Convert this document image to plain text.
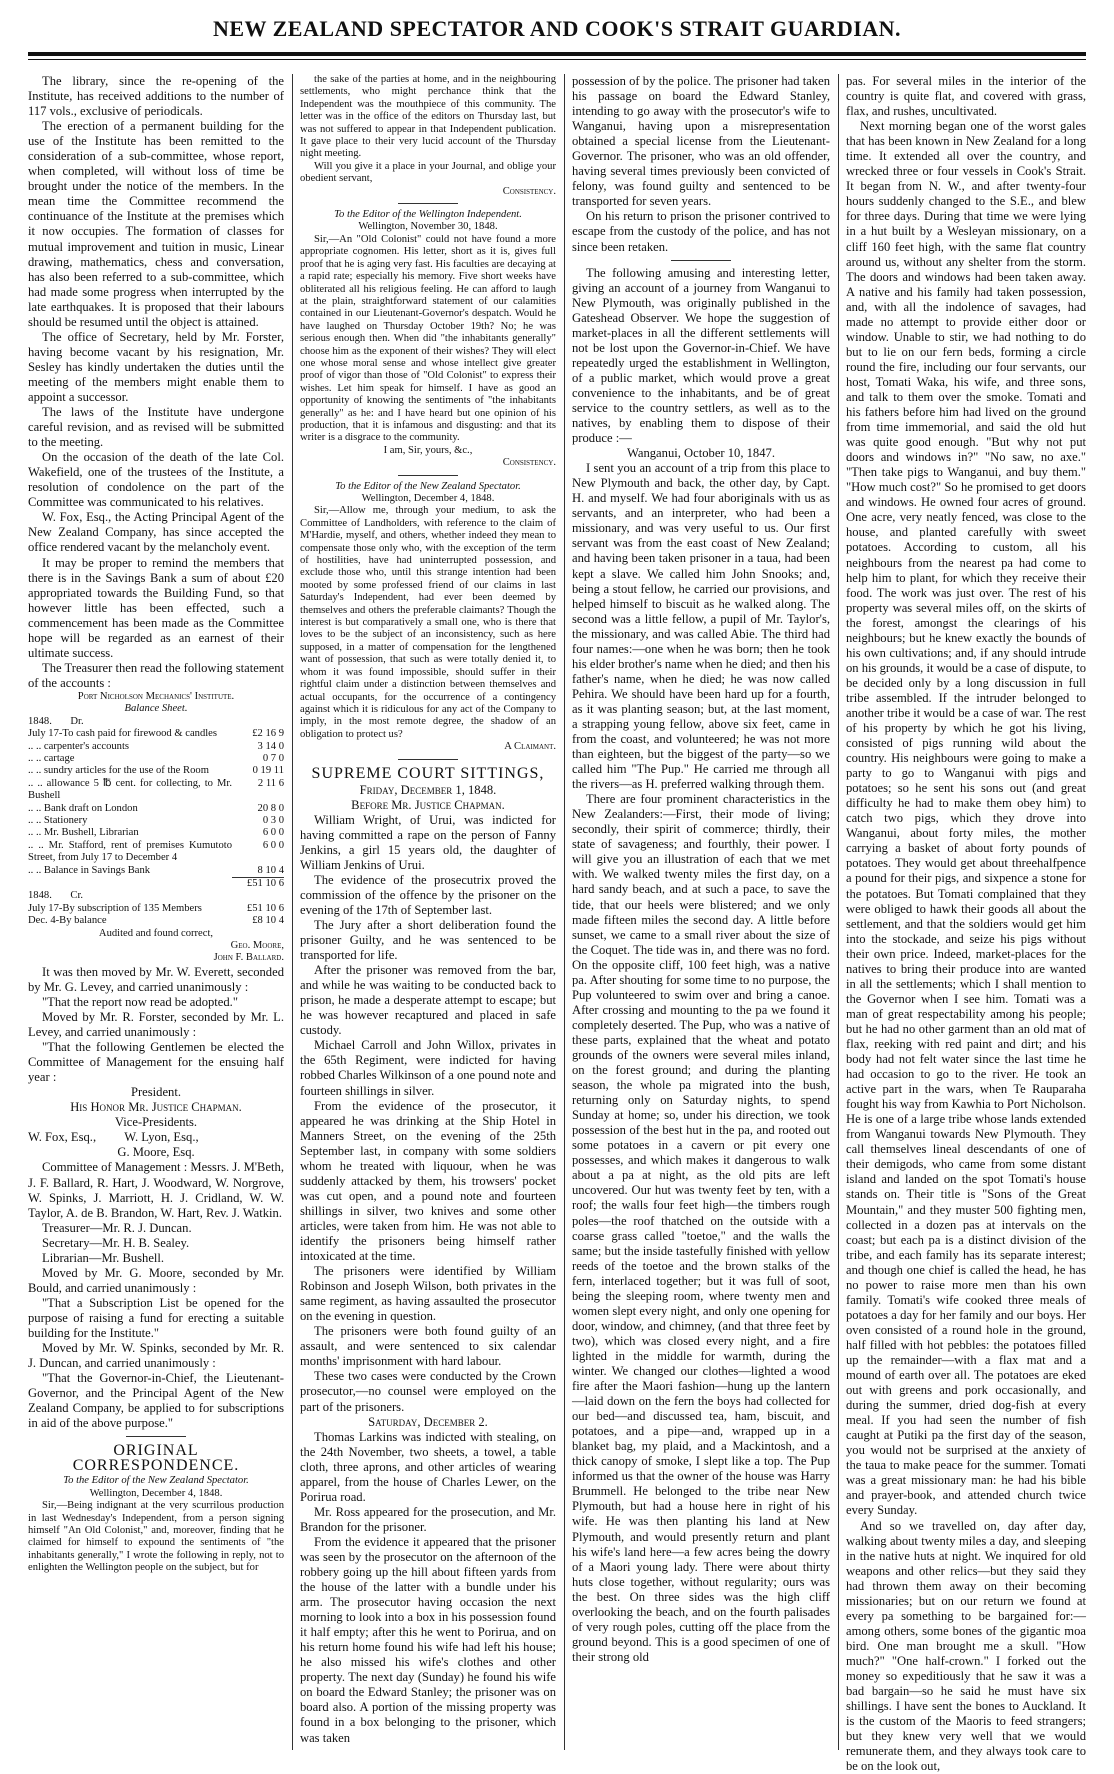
NEW ZEALAND SPECTATOR AND COOK'S STRAIT GUARDIAN.

The library, since the re-opening of the Institute, has received additions to the number of 117 vols., exclusive of periodicals.

The erection of a permanent building for the use of the Institute has been remitted to the consideration of a sub-committee, whose report, when completed, will without loss of time be brought under the notice of the members. In the mean time the Committee recommend the continuance of the Institute at the premises which it now occupies. The formation of classes for mutual improvement and tuition in music, Linear drawing, mathematics, chess and conversation, has also been referred to a sub-committee, which had made some progress when interrupted by the late earthquakes. It is proposed that their labours should be resumed until the object is attained.

The office of Secretary, held by Mr. Forster, having become vacant by his resignation, Mr. Sesley has kindly undertaken the duties until the meeting of the members might enable them to appoint a successor.

The laws of the Institute have undergone careful revision, and as revised will be submitted to the meeting.

On the occasion of the death of the late Col. Wakefield, one of the trustees of the Institute, a resolution of condolence on the part of the Committee was communicated to his relatives.

W. Fox, Esq., the Acting Principal Agent of the New Zealand Company, has since accepted the office rendered vacant by the melancholy event.

It may be proper to remind the members that there is in the Savings Bank a sum of about £20 appropriated towards the Building Fund, so that however little has been effected, such a commencement has been made as the Committee hope will be regarded as an earnest of their ultimate success.

The Treasurer then read the following statement of the accounts :

Port Nicholson Mechanics' Institute.

Balance Sheet.

1848. Dr.	
July 17-To cash paid for firewood & candles	£2 16 9
.. .. carpenter's accounts	3 14 0
.. .. cartage	0 7 0
.. .. sundry articles for the use of the Room	0 19 11
.. .. allowance 5 ℔ cent. for collecting, to Mr. Bushell	2 11 6
.. .. Bank draft on London	20 8 0
.. .. Stationery	0 3 0
.. .. Mr. Bushell, Librarian	6 0 0
.. .. Mr. Stafford, rent of premises Kumutoto Street, from July 17 to December 4	6 0 0
.. .. Balance in Savings Bank	8 10 4
	£51 10 6
1848. Cr.	
July 17-By subscription of 135 Members	£51 10 6
Dec. 4-By balance	£8 10 4

Audited and found correct,

Geo. Moore,

John F. Ballard.

It was then moved by Mr. W. Everett, seconded by Mr. G. Levey, and carried unanimously :

"That the report now read be adopted."

Moved by Mr. R. Forster, seconded by Mr. L. Levey, and carried unanimously :

"That the following Gentlemen be elected the Committee of Management for the ensuing half year :

President.

His Honor Mr. Justice Chapman.

Vice-Presidents.

W. Fox, Esq., W. Lyon, Esq.,

G. Moore, Esq.

Committee of Management : Messrs. J. M'Beth, J. F. Ballard, R. Hart, J. Woodward, W. Norgrove, W. Spinks, J. Marriott, H. J. Cridland, W. W. Taylor, A. de B. Brandon, W. Hart, Rev. J. Watkin.

Treasurer—Mr. R. J. Duncan.

Secretary—Mr. H. B. Sealey.

Librarian—Mr. Bushell.

Moved by Mr. G. Moore, seconded by Mr. Bould, and carried unanimously :

"That a Subscription List be opened for the purpose of raising a fund for erecting a suitable building for the Institute."

Moved by Mr. W. Spinks, seconded by Mr. R. J. Duncan, and carried unanimously :

"That the Governor-in-Chief, the Lieutenant-Governor, and the Principal Agent of the New Zealand Company, be applied to for subscriptions in aid of the above purpose."

ORIGINAL CORRESPONDENCE.

To the Editor of the New Zealand Spectator.

Wellington, December 4, 1848.

Sir,—Being indignant at the very scurrilous production in last Wednesday's Independent, from a person signing himself "An Old Colonist," and, moreover, finding that he claimed for himself to expound the sentiments of "the inhabitants generally," I wrote the following in reply, not to enlighten the Wellington people on the subject, but for

the sake of the parties at home, and in the neighbouring settlements, who might perchance think that the Independent was the mouthpiece of this community. The letter was in the office of the editors on Thursday last, but was not suffered to appear in that Independent publication. It gave place to their very lucid account of the Thursday night meeting.

Will you give it a place in your Journal, and oblige your obedient servant,

Consistency.

To the Editor of the Wellington Independent.

Wellington, November 30, 1848.

Sir,—An "Old Colonist" could not have found a more appropriate cognomen. His letter, short as it is, gives full proof that he is aging very fast. His faculties are decaying at a rapid rate; especially his memory. Five short weeks have obliterated all his religious feeling. He can afford to laugh at the plain, straightforward statement of our calamities contained in our Lieutenant-Governor's despatch. Would he have laughed on Thursday October 19th? No; he was serious enough then. When did "the inhabitants generally" choose him as the exponent of their wishes? They will elect one whose moral sense and whose intellect give greater proof of vigor than those of "Old Colonist" to express their wishes. Let him speak for himself. I have as good an opportunity of knowing the sentiments of "the inhabitants generally" as he: and I have heard but one opinion of his production, that it is infamous and disgusting: and that its writer is a disgrace to the community.

I am, Sir, yours, &c.,

Consistency.

To the Editor of the New Zealand Spectator.

Wellington, December 4, 1848.

Sir,—Allow me, through your medium, to ask the Committee of Landholders, with reference to the claim of M'Hardie, myself, and others, whether indeed they mean to compensate those only who, with the exception of the term of hostilities, have had uninterrupted possession, and exclude those who, until this strange intention had been mooted by some professed friend of our claims in last Saturday's Independent, had ever been deemed by themselves and others the preferable claimants? Though the interest is but comparatively a small one, who is there that loves to be the subject of an inconsistency, such as here supposed, in a matter of compensation for the lengthened want of possession, that such as were totally denied it, to whom it was found impossible, should suffer in their rightful claim under a distinction between themselves and actual occupants, for the occurrence of a contingency against which it is ridiculous for any act of the Company to imply, in the most remote degree, the shadow of an obligation to protect us?

A Claimant.

SUPREME COURT SITTINGS,

Friday, December 1, 1848.

Before Mr. Justice Chapman.

William Wright, of Urui, was indicted for having committed a rape on the person of Fanny Jenkins, a girl 15 years old, the daughter of William Jenkins of Urui.

The evidence of the prosecutrix proved the commission of the offence by the prisoner on the evening of the 17th of September last.

The Jury after a short deliberation found the prisoner Guilty, and he was sentenced to be transported for life.

After the prisoner was removed from the bar, and while he was waiting to be conducted back to prison, he made a desperate attempt to escape; but he was however recaptured and placed in safe custody.

Michael Carroll and John Willox, privates in the 65th Regiment, were indicted for having robbed Charles Wilkinson of a one pound note and fourteen shillings in silver.

From the evidence of the prosecutor, it appeared he was drinking at the Ship Hotel in Manners Street, on the evening of the 25th September last, in company with some soldiers whom he treated with liquour, when he was suddenly attacked by them, his trowsers' pocket was cut open, and a pound note and fourteen shillings in silver, two knives and some other articles, were taken from him. He was not able to identify the prisoners being himself rather intoxicated at the time.

The prisoners were identified by William Robinson and Joseph Wilson, both privates in the same regiment, as having assaulted the prosecutor on the evening in question.

The prisoners were both found guilty of an assault, and were sentenced to six calendar months' imprisonment with hard labour.

These two cases were conducted by the Crown prosecutor,—no counsel were employed on the part of the prisoners.

Saturday, December 2.

Thomas Larkins was indicted with stealing, on the 24th November, two sheets, a towel, a table cloth, three aprons, and other articles of wearing apparel, from the house of Charles Lewer, on the Porirua road.

Mr. Ross appeared for the prosecution, and Mr. Brandon for the prisoner.

From the evidence it appeared that the prisoner was seen by the prosecutor on the afternoon of the robbery going up the hill about fifteen yards from the house of the latter with a bundle under his arm. The prosecutor having occasion the next morning to look into a box in his possession found it half empty; after this he went to Porirua, and on his return home found his wife had left his house; he also missed his wife's clothes and other property. The next day (Sunday) he found his wife on board the Edward Stanley; the prisoner was on board also. A portion of the missing property was found in a box belonging to the prisoner, which was taken

possession of by the police. The prisoner had taken his passage on board the Edward Stanley, intending to go away with the prosecutor's wife to Wanganui, having upon a misrepresentation obtained a special license from the Lieutenant-Governor. The prisoner, who was an old offender, having several times previously been convicted of felony, was found guilty and sentenced to be transported for seven years.

On his return to prison the prisoner contrived to escape from the custody of the police, and has not since been retaken.

The following amusing and interesting letter, giving an account of a journey from Wanganui to New Plymouth, was originally published in the Gateshead Observer. We hope the suggestion of market-places in all the different settlements will not be lost upon the Governor-in-Chief. We have repeatedly urged the establishment in Wellington, of a public market, which would prove a great convenience to the inhabitants, and be of great service to the country settlers, as well as to the natives, by enabling them to dispose of their produce :—

Wanganui, October 10, 1847.

I sent you an account of a trip from this place to New Plymouth and back, the other day, by Capt. H. and myself. We had four aboriginals with us as servants, and an interpreter, who had been a missionary, and was very useful to us. Our first servant was from the east coast of New Zealand; and having been taken prisoner in a taua, had been kept a slave. We called him John Snooks; and, being a stout fellow, he carried our provisions, and helped himself to biscuit as he walked along. The second was a little fellow, a pupil of Mr. Taylor's, the missionary, and was called Abie. The third had four names:—one when he was born; then he took his elder brother's name when he died; and then his father's name, when he died; he was now called Pehira. We should have been hard up for a fourth, as it was planting season; but, at the last moment, a strapping young fellow, above six feet, came in from the coast, and volunteered; he was not more than eighteen, but the biggest of the party—so we called him "The Pup." He carried me through all the rivers—as H. preferred walking through them.

There are four prominent characteristics in the New Zealanders:—First, their mode of living; secondly, their spirit of commerce; thirdly, their state of savageness; and fourthly, their power. I will give you an illustration of each that we met with. We walked twenty miles the first day, on a hard sandy beach, and at such a pace, to save the tide, that our heels were blistered; and we only made fifteen miles the second day. A little before sunset, we came to a small river about the size of the Coquet. The tide was in, and there was no ford. On the opposite cliff, 100 feet high, was a native pa. After shouting for some time to no purpose, the Pup volunteered to swim over and bring a canoe. After crossing and mounting to the pa we found it completely deserted. The Pup, who was a native of these parts, explained that the wheat and potato grounds of the owners were several miles inland, on the forest ground; and during the planting season, the whole pa migrated into the bush, returning only on Saturday nights, to spend Sunday at home; so, under his direction, we took possession of the best hut in the pa, and rooted out some potatoes in a cavern or pit every one possesses, and which makes it dangerous to walk about a pa at night, as the old pits are left uncovered. Our hut was twenty feet by ten, with a roof; the walls four feet high—the timbers rough poles—the roof thatched on the outside with a coarse grass called "toetoe," and the walls the same; but the inside tastefully finished with yellow reeds of the toetoe and the brown stalks of the fern, interlaced together; but it was full of soot, being the sleeping room, where twenty men and women slept every night, and only one opening for door, window, and chimney, (and that three feet by two), which was closed every night, and a fire lighted in the middle for warmth, during the winter. We changed our clothes—lighted a wood fire after the Maori fashion—hung up the lantern—laid down on the fern the boys had collected for our bed—and discussed tea, ham, biscuit, and potatoes, and a pipe—and, wrapped up in a blanket bag, my plaid, and a Mackintosh, and a thick canopy of smoke, I slept like a top. The Pup informed us that the owner of the house was Harry Brummell. He belonged to the tribe near New Plymouth, but had a house here in right of his wife. He was then planting his land at New Plymouth, and would presently return and plant his wife's land here—a few acres being the dowry of a Maori young lady. There were about thirty huts close together, without regularity; ours was the best. On three sides was the high cliff overlooking the beach, and on the fourth palisades of very rough poles, cutting off the place from the ground beyond. This is a good specimen of one of their strong old

pas. For several miles in the interior of the country is quite flat, and covered with grass, flax, and rushes, uncultivated.

Next morning began one of the worst gales that has been known in New Zealand for a long time. It extended all over the country, and wrecked three or four vessels in Cook's Strait. It began from N. W., and after twenty-four hours suddenly changed to the S.E., and blew for three days. During that time we were lying in a hut built by a Wesleyan missionary, on a cliff 160 feet high, with the same flat country around us, without any shelter from the storm. The doors and windows had been taken away. A native and his family had taken possession, and, with all the indolence of savages, had made no attempt to provide either door or window. Unable to stir, we had nothing to do but to lie on our fern beds, forming a circle round the fire, including our four servants, our host, Tomati Waka, his wife, and three sons, and talk to them over the smoke. Tomati and his fathers before him had lived on the ground from time immemorial, and said the old hut was quite good enough. "But why not put doors and windows in?" "No saw, no axe." "Then take pigs to Wanganui, and buy them." "How much cost?" So he promised to get doors and windows. He owned four acres of ground. One acre, very neatly fenced, was close to the house, and planted carefully with sweet potatoes. According to custom, all his neighbours from the nearest pa had come to help him to plant, for which they receive their food. The work was just over. The rest of his property was several miles off, on the skirts of the forest, amongst the clearings of his neighbours; but he knew exactly the bounds of his own cultivations; and, if any should intrude on his grounds, it would be a case of dispute, to be decided only by a long discussion in full tribe assembled. If the intruder belonged to another tribe it would be a case of war. The rest of his property by which he got his living, consisted of pigs running wild about the country. His neighbours were going to make a party to go to Wanganui with pigs and potatoes; so he sent his sons out (and great difficulty he had to make them obey him) to catch two pigs, which they drove into Wanganui, about forty miles, the mother carrying a basket of about forty pounds of potatoes. They would get about threehalfpence a pound for their pigs, and sixpence a stone for the potatoes. But Tomati complained that they were obliged to hawk their goods all about the settlement, and that the soldiers would get him into the stockade, and seize his pigs without their own price. Indeed, market-places for the natives to bring their produce into are wanted in all the settlements; which I shall mention to the Governor when I see him. Tomati was a man of great respectability among his people; but he had no other garment than an old mat of flax, reeking with red paint and dirt; and his body had not felt water since the last time he had occasion to go to the river. He took an active part in the wars, when Te Rauparaha fought his way from Kawhia to Port Nicholson. He is one of a large tribe whose lands extended from Wanganui towards New Plymouth. They call themselves lineal descendants of one of their demigods, who came from some distant island and landed on the spot Tomati's house stands on. Their title is "Sons of the Great Mountain," and they muster 500 fighting men, collected in a dozen pas at intervals on the coast; but each pa is a distinct division of the tribe, and each family has its separate interest; and though one chief is called the head, he has no power to raise more men than his own family. Tomati's wife cooked three meals of potatoes a day for her family and our boys. Her oven consisted of a round hole in the ground, half filled with hot pebbles: the potatoes filled up the remainder—with a flax mat and a mound of earth over all. The potatoes are eked out with greens and pork occasionally, and during the summer, dried dog-fish at every meal. If you had seen the number of fish caught at Putiki pa the first day of the season, you would not be surprised at the anxiety of the taua to make peace for the summer. Tomati was a great missionary man: he had his bible and prayer-book, and attended church twice every Sunday.

And so we travelled on, day after day, walking about twenty miles a day, and sleeping in the native huts at night. We inquired for old weapons and other relics—but they said they had thrown them away on their becoming missionaries; but on our return we found at every pa something to be bargained for:—among others, some bones of the gigantic moa bird. One man brought me a skull. "How much?" "One half-crown." I forked out the money so expeditiously that he saw it was a bad bargain—so he said he must have six shillings. I have sent the bones to Auckland. It is the custom of the Maoris to feed strangers; but they knew very well that we would remunerate them, and they always took care to be on the look out,
